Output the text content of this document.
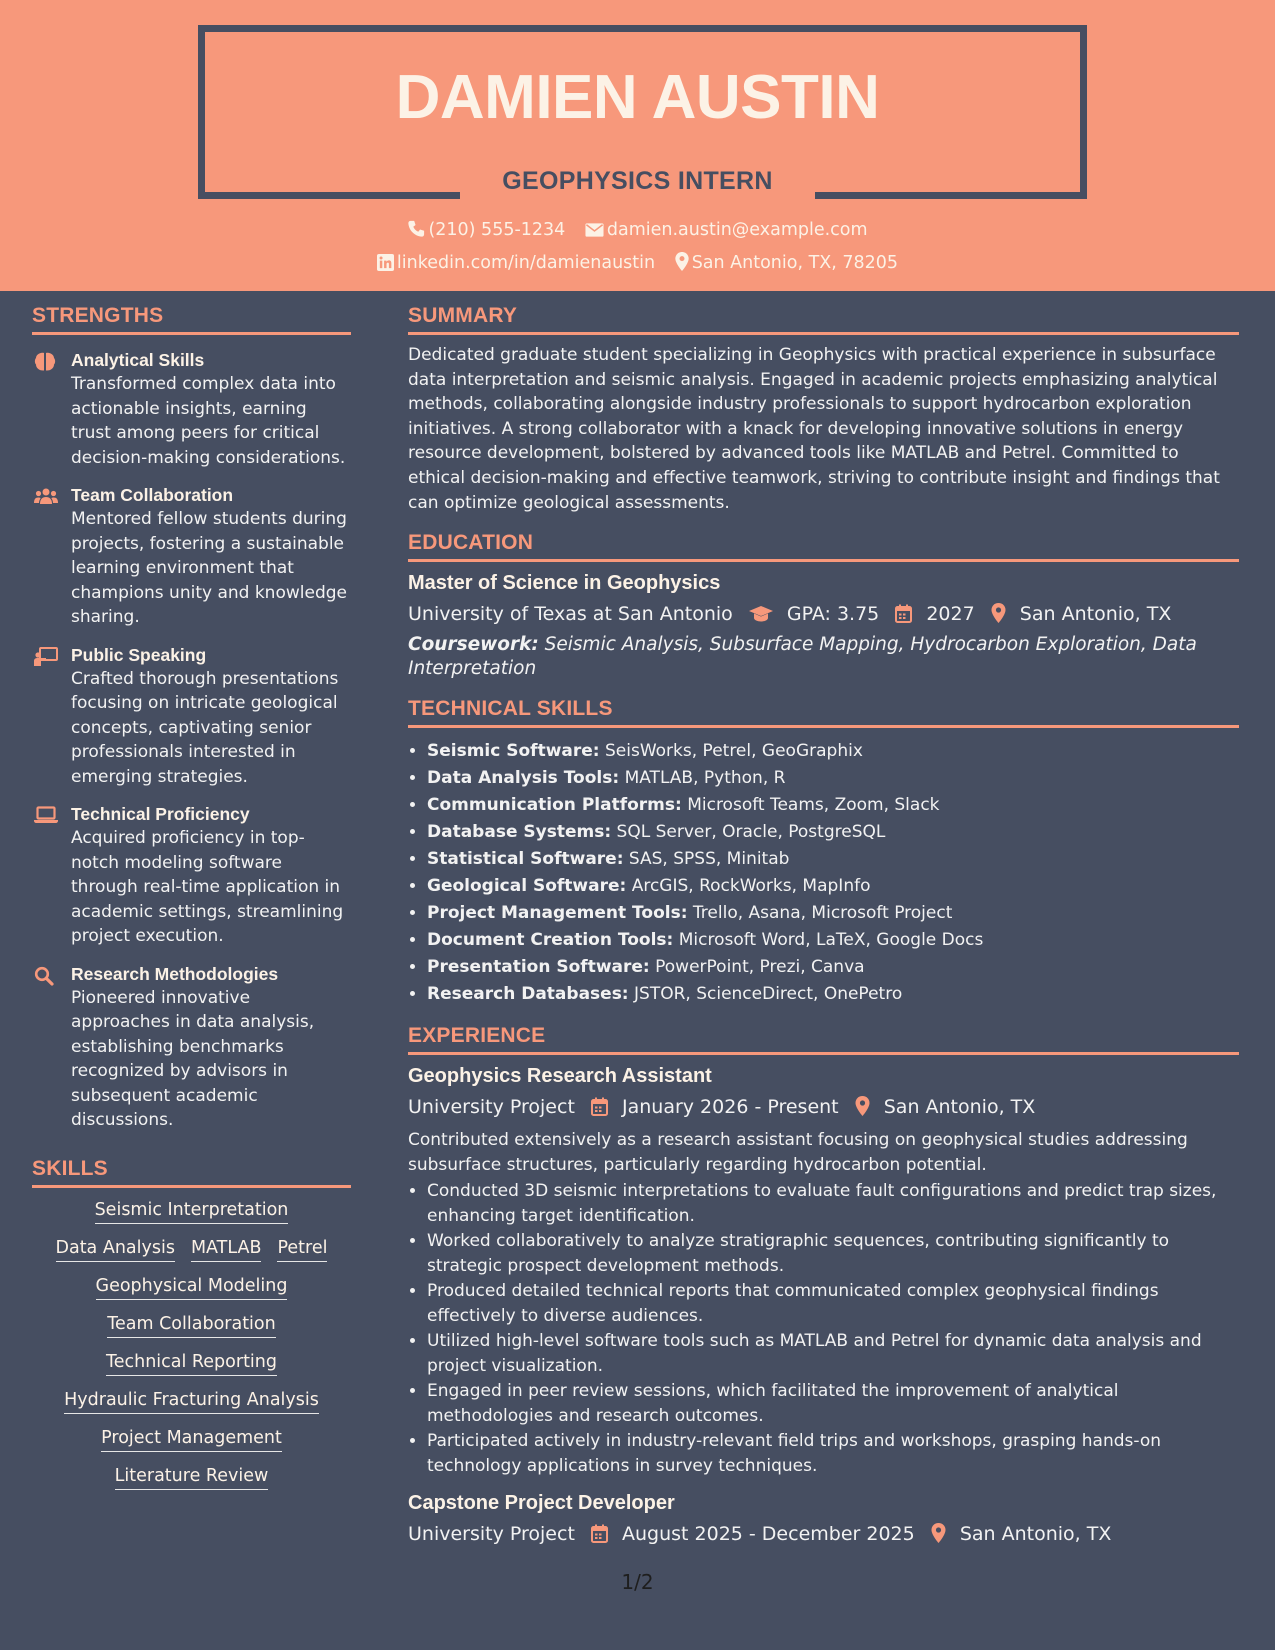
DAMIEN AUSTIN
GEOPHYSICS INTERN
(210) 555-1234 damien.austin@example.com
linkedin.com/in/damienaustin San Antonio, TX, 78205
STRENGTHS
Analytical Skills
Transformed complex data into actionable insights, earning trust among peers for critical decision-making considerations.
Team Collaboration
Mentored fellow students during projects, fostering a sustainable learning environment that champions unity and knowledge sharing.
Public Speaking
Crafted thorough presentations focusing on intricate geological concepts, captivating senior professionals interested in emerging strategies.
Technical Proficiency
Acquired proficiency in top-notch modeling software through real-time application in academic settings, streamlining project execution.
Research Methodologies
Pioneered innovative approaches in data analysis, establishing benchmarks recognized by advisors in subsequent academic discussions.
SKILLS
Seismic Interpretation
Data Analysis MATLAB Petrel
Geophysical Modeling
Team Collaboration
Technical Reporting
Hydraulic Fracturing Analysis
Project Management
Literature Review
SUMMARY
Dedicated graduate student specializing in Geophysics with practical experience in subsurface data interpretation and seismic analysis. Engaged in academic projects emphasizing analytical methods, collaborating alongside industry professionals to support hydrocarbon exploration initiatives. A strong collaborator with a knack for developing innovative solutions in energy resource development, bolstered by advanced tools like MATLAB and Petrel. Committed to ethical decision-making and effective teamwork, striving to contribute insight and findings that can optimize geological assessments.
EDUCATION
Master of Science in Geophysics
University of Texas at San Antonio	GPA: 3.75 2027 San Antonio, TX
Coursework: Seismic Analysis, Subsurface Mapping, Hydrocarbon Exploration, Data Interpretation
TECHNICAL SKILLS
• Seismic Software: SeisWorks, Petrel, GeoGraphix
• Data Analysis Tools: MATLAB, Python, R
• Communication Platforms: Microsoft Teams, Zoom, Slack
• Database Systems: SQL Server, Oracle, PostgreSQL
• Statistical Software: SAS, SPSS, Minitab
• Geological Software: ArcGIS, RockWorks, MapInfo
• Project Management Tools: Trello, Asana, Microsoft Project
• Document Creation Tools: Microsoft Word, LaTeX, Google Docs
• Presentation Software: PowerPoint, Prezi, Canva
• Research Databases: JSTOR, ScienceDirect, OnePetro
EXPERIENCE
Geophysics Research Assistant
University Project January 2026 - Present San Antonio, TX
Contributed extensively as a research assistant focusing on geophysical studies addressing subsurface structures, particularly regarding hydrocarbon potential.
• Conducted 3D seismic interpretations to evaluate fault configurations and predict trap sizes, enhancing target identification.
• Worked collaboratively to analyze stratigraphic sequences, contributing significantly to strategic prospect development methods.
• Produced detailed technical reports that communicated complex geophysical findings effectively to diverse audiences.
• Utilized high-level software tools such as MATLAB and Petrel for dynamic data analysis and project visualization.
• Engaged in peer review sessions, which facilitated the improvement of analytical methodologies and research outcomes.
• Participated actively in industry-relevant field trips and workshops, grasping hands-on technology applications in survey techniques.
Capstone Project Developer
University Project August 2025 - December 2025 San Antonio, TX
1/2
